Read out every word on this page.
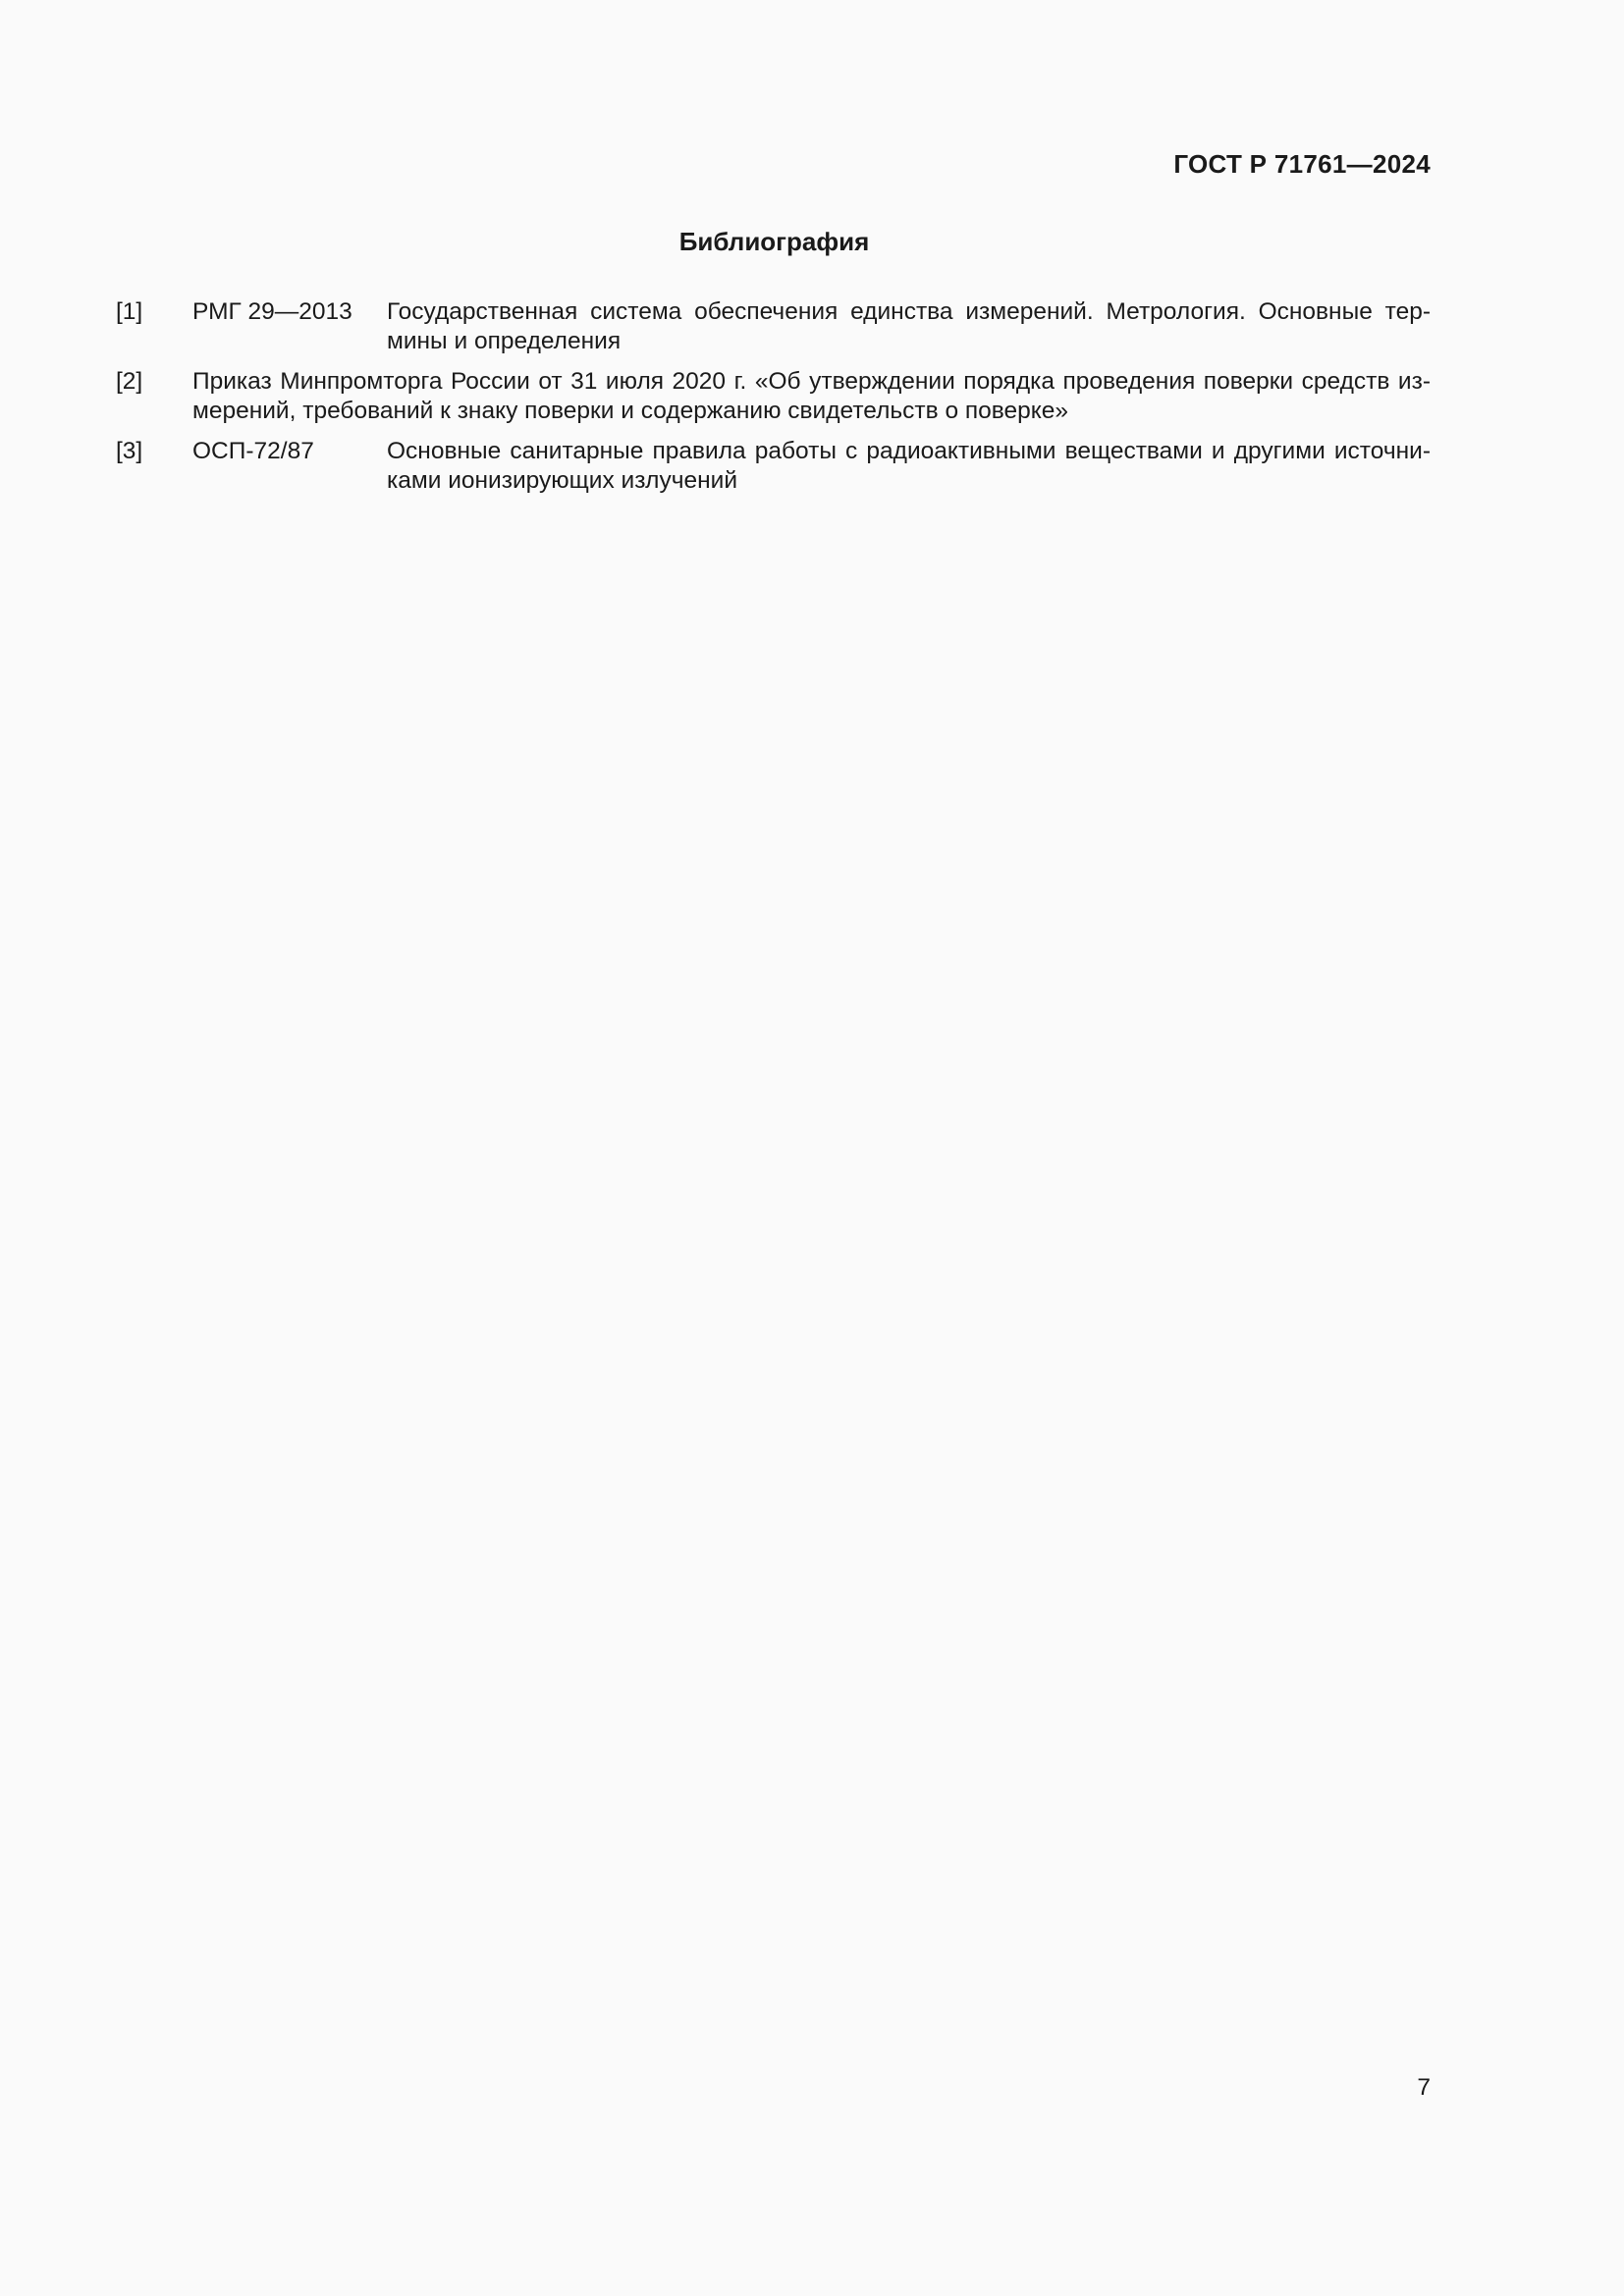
ГОСТ Р 71761—2024
Библиография
[1] РМГ 29—2013 Государственная система обеспечения единства измерений. Метрология. Основные термины и определения
[2] Приказ Минпромторга России от 31 июля 2020 г. «Об утверждении порядка проведения поверки средств измерений, требований к знаку поверки и содержанию свидетельств о поверке»
[3] ОСП-72/87	Основные санитарные правила работы с радиоактивными веществами и другими источниками ионизирующих излучений
7
